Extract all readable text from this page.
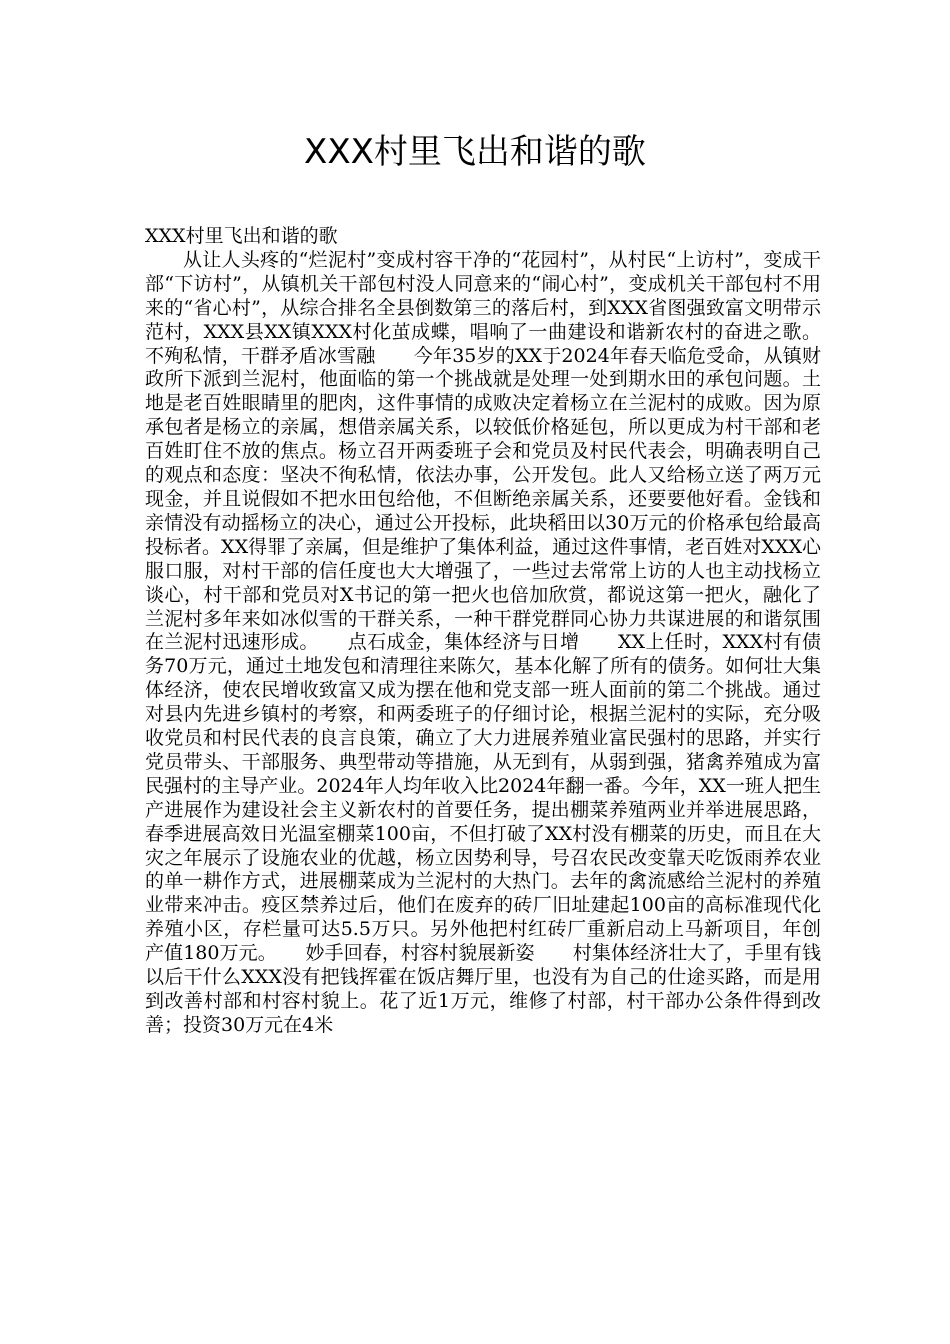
XXX村里飞出和谐的歌

XXX村里飞出和谐的歌

从让人头疼的“烂泥村”变成村容干净的“花园村”，从村民“上访村”，变成干部“下访村”，从镇机关干部包村没人同意来的“闹心村”，变成机关干部包村不用来的“省心村”，从综合排名全县倒数第三的落后村，到XXX省图强致富文明带示范村，XXX县XX镇XXX村化茧成蝶，唱响了一曲建设和谐新农村的奋进之歌。不殉私情，干群矛盾冰雪融　　今年35岁的XX于2024年春天临危受命，从镇财政所下派到兰泥村，他面临的第一个挑战就是处理一处到期水田的承包问题。土地是老百姓眼睛里的肥肉，这件事情的成败决定着杨立在兰泥村的成败。因为原承包者是杨立的亲属，想借亲属关系，以较低价格延包，所以更成为村干部和老百姓盯住不放的焦点。杨立召开两委班子会和党员及村民代表会，明确表明自己的观点和态度：坚决不徇私情，依法办事，公开发包。此人又给杨立送了两万元现金，并且说假如不把水田包给他，不但断绝亲属关系，还要要他好看。金钱和亲情没有动摇杨立的决心，通过公开投标，此块稻田以30万元的价格承包给最高投标者。XX得罪了亲属，但是维护了集体利益，通过这件事情，老百姓对XXX心服口服，对村干部的信任度也大大增强了，一些过去常常上访的人也主动找杨立谈心，村干部和党员对X书记的第一把火也倍加欣赏，都说这第一把火，融化了兰泥村多年来如冰似雪的干群关系，一种干群党群同心协力共谋进展的和谐氛围在兰泥村迅速形成。　　点石成金，集体经济与日增　　XX上任时，XXX村有债务70万元，通过土地发包和清理往来陈欠，基本化解了所有的债务。如何壮大集体经济，使农民增收致富又成为摆在他和党支部一班人面前的第二个挑战。通过对县内先进乡镇村的考察，和两委班子的仔细讨论，根据兰泥村的实际，充分吸收党员和村民代表的良言良策，确立了大力进展养殖业富民强村的思路，并实行党员带头、干部服务、典型带动等措施，从无到有，从弱到强，猪禽养殖成为富民强村的主导产业。2024年人均年收入比2024年翻一番。今年，XX一班人把生产进展作为建设社会主义新农村的首要任务，提出棚菜养殖两业并举进展思路，春季进展高效日光温室棚菜100亩，不但打破了XX村没有棚菜的历史，而且在大灾之年展示了设施农业的优越，杨立因势利导，号召农民改变靠天吃饭雨养农业的单一耕作方式，进展棚菜成为兰泥村的大热门。去年的禽流感给兰泥村的养殖业带来冲击。疫区禁养过后，他们在废弃的砖厂旧址建起100亩的高标准现代化养殖小区，存栏量可达5.5万只。另外他把村红砖厂重新启动上马新项目，年创产值180万元。　　妙手回春，村容村貌展新姿　　村集体经济壮大了，手里有钱以后干什么XXX没有把钱挥霍在饭店舞厅里，也没有为自己的仕途买路，而是用到改善村部和村容村貌上。花了近1万元，维修了村部，村干部办公条件得到改善；投资30万元在4米
